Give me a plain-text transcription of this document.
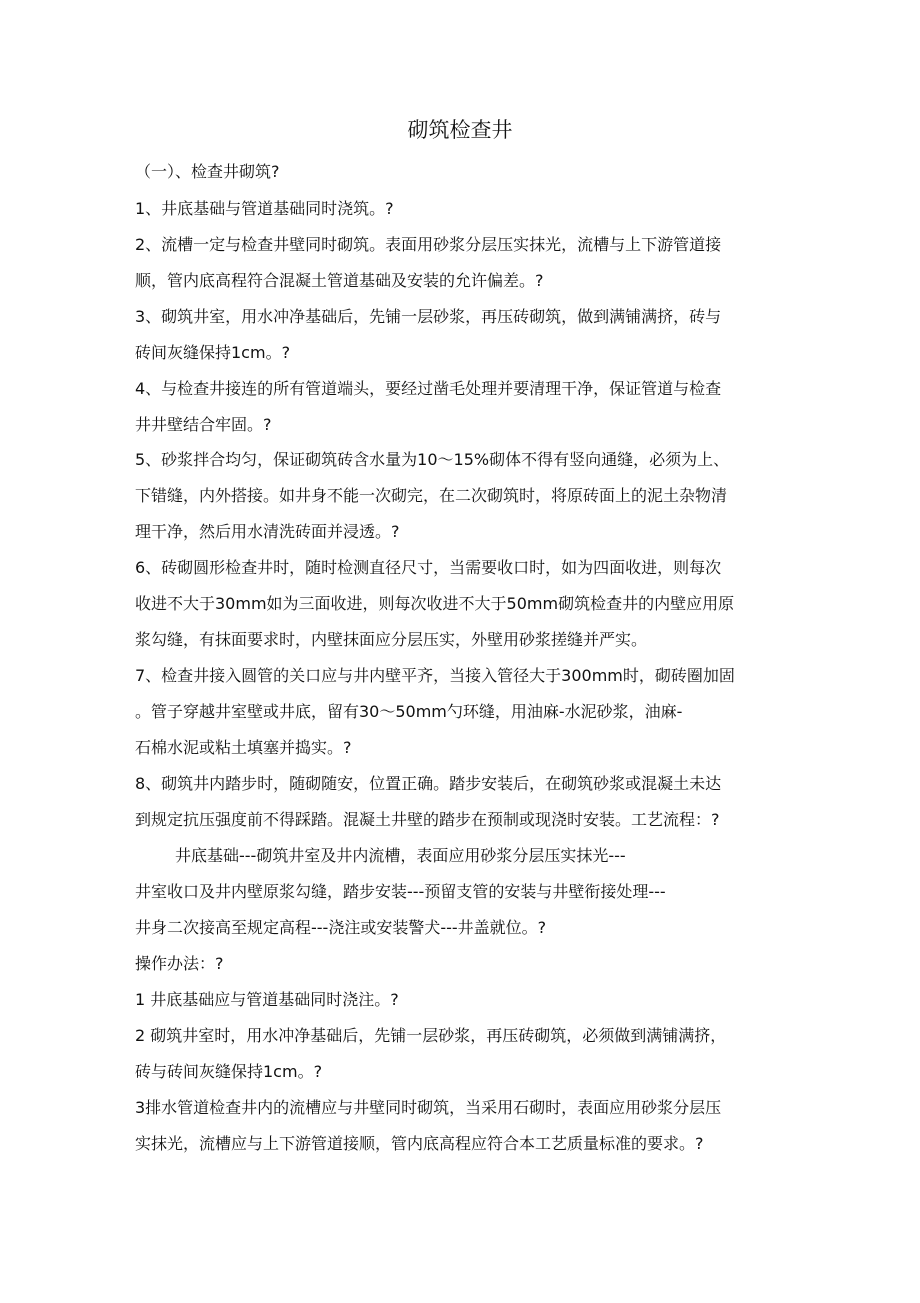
砌筑检查井
（一）、检查井砌筑?
1、井底基础与管道基础同时浇筑。?
2、流槽一定与检查井壁同时砌筑。表面用砂浆分层压实抹光，流槽与上下游管道接
顺，管内底高程符合混凝土管道基础及安装的允许偏差。?
3、砌筑井室，用水冲净基础后，先铺一层砂浆，再压砖砌筑，做到满铺满挤，砖与
砖间灰缝保持1cm。?
4、与检查井接连的所有管道端头，要经过凿毛处理并要清理干净，保证管道与检查
井井壁结合牢固。?
5、砂浆拌合均匀，保证砌筑砖含水量为10～15%砌体不得有竖向通缝，必须为上、
下错缝，内外搭接。如井身不能一次砌完，在二次砌筑时，将原砖面上的泥土杂物清
理干净，然后用水清洗砖面并浸透。?
6、砖砌圆形检查井时，随时检测直径尺寸，当需要收口时，如为四面收进，则每次
收进不大于30mm如为三面收进，则每次收进不大于50mm砌筑检查井的内壁应用原
浆勾缝，有抹面要求时，内壁抹面应分层压实，外壁用砂浆搓缝并严实。
7、检查井接入圆管的关口应与井内壁平齐，当接入管径大于300mm时，砌砖圈加固
。管子穿越井室壁或井底，留有30～50mm勺环缝，用油麻-水泥砂浆，油麻-
石棉水泥或粘土填塞并捣实。?
8、砌筑井内踏步时，随砌随安，位置正确。踏步安装后，在砌筑砂浆或混凝土未达
到规定抗压强度前不得踩踏。混凝土井壁的踏步在预制或现浇时安装。工艺流程：?
井底基础---砌筑井室及井内流槽，表面应用砂浆分层压实抹光---
井室收口及井内壁原浆勾缝，踏步安装---预留支管的安装与井壁衔接处理---
井身二次接高至规定高程---浇注或安装警犬---井盖就位。?
操作办法：?
1 井底基础应与管道基础同时浇注。?
2 砌筑井室时，用水冲净基础后，先铺一层砂浆，再压砖砌筑，必须做到满铺满挤，
砖与砖间灰缝保持1cm。?
3排水管道检查井内的流槽应与井壁同时砌筑，当采用石砌时，表面应用砂浆分层压
实抹光，流槽应与上下游管道接顺，管内底高程应符合本工艺质量标准的要求。?
